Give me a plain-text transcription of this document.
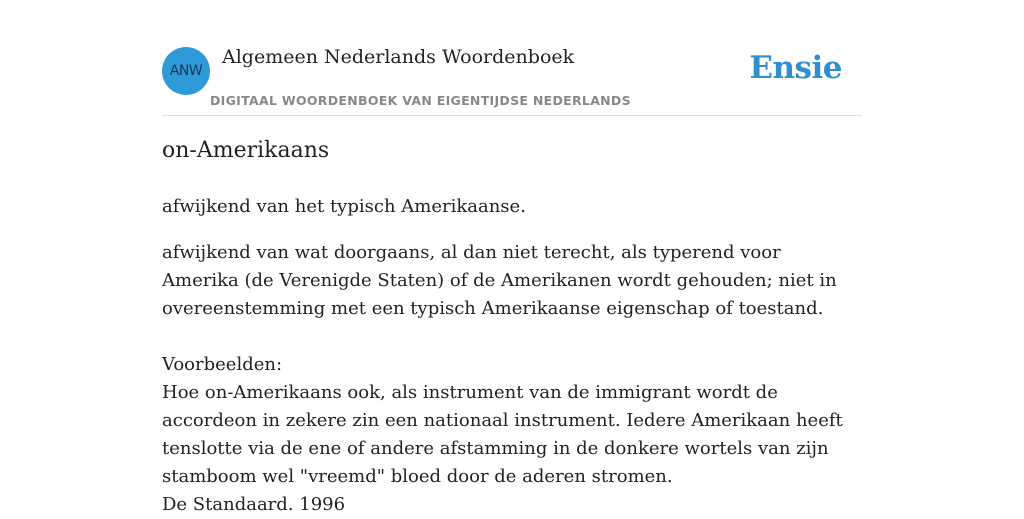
ANW
Algemeen Nederlands Woordenboek
DIGITAAL WOORDENBOEK VAN EIGENTIJDSE NEDERLANDS
Ensie
on-Amerikaans
afwijkend van het typisch Amerikaanse.
afwijkend van wat doorgaans, al dan niet terecht, als typerend voor Amerika (de Verenigde Staten) of de Amerikanen wordt gehouden; niet in overeenstemming met een typisch Amerikaanse eigenschap of toestand.

Voorbeelden:

Hoe on-Amerikaans ook, als instrument van de immigrant wordt de accordeon in zekere zin een nationaal instrument. Iedere Amerikaan heeft tenslotte via de ene of andere afstamming in de donkere wortels van zijn stamboom wel "vreemd" bloed door de aderen stromen.

De Standaard. 1996
